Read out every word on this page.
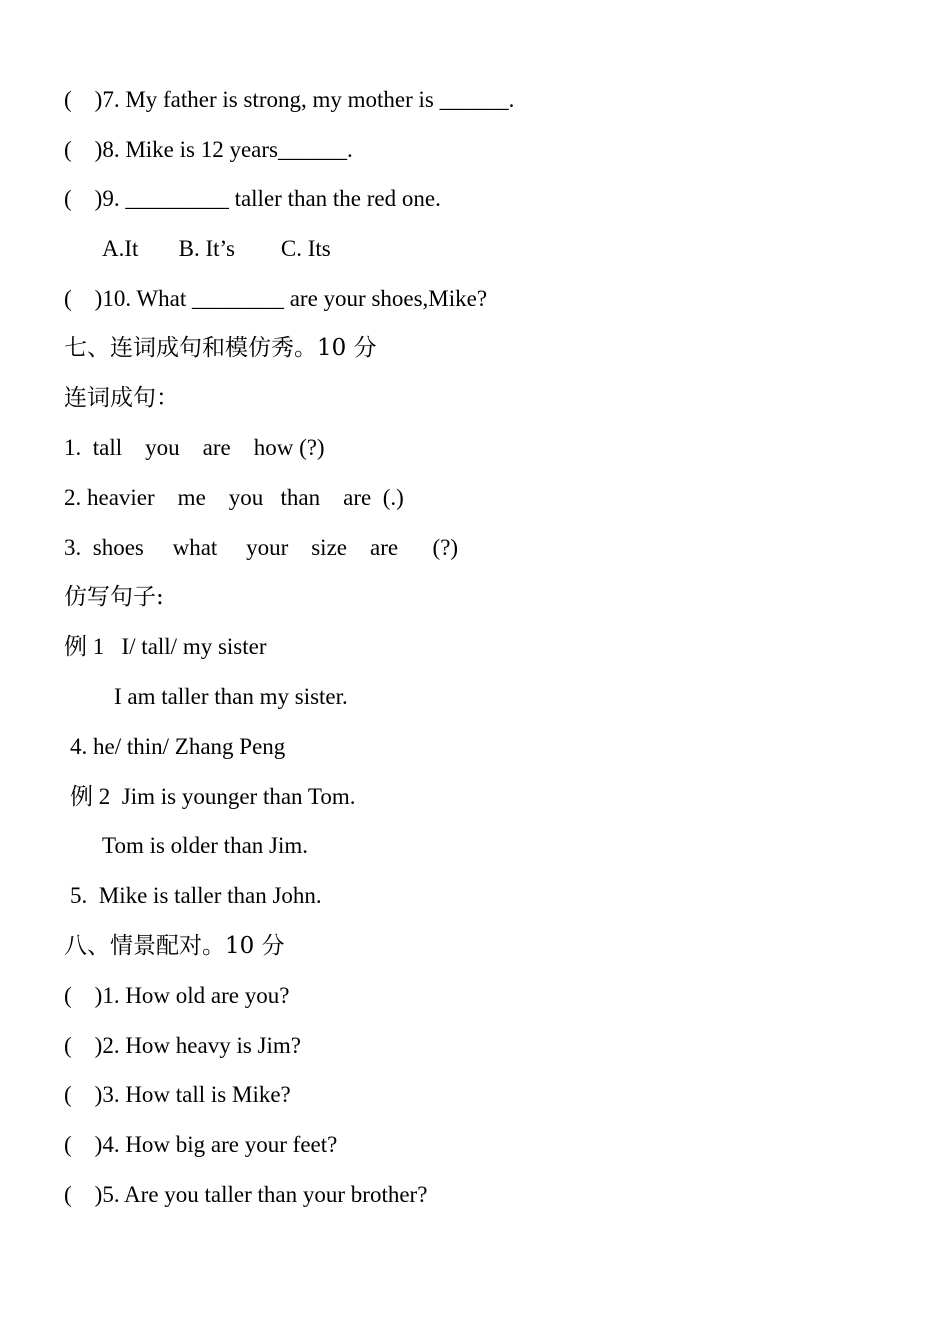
(    )7. My father is strong, my mother is ______.
(    )8. Mike is 12 years______.
(    )9. _________ taller than the red one.
A.It       B. It’s        C. Its
(    )10. What ________ are your shoes,Mike?
七、连词成句和模仿秀。10 分
连词成句：
1.  tall    you    are    how (?)
2. heavier    me    you   than    are  (.)
3.  shoes     what     your    size    are      (?)
仿写句子:
例 1   I/ tall/ my sister
I am taller than my sister.
4. he/ thin/ Zhang Peng
例 2  Jim is younger than Tom.
Tom is older than Jim.
5.  Mike is taller than John.
八、情景配对。10 分
(    )1. How old are you?
(    )2. How heavy is Jim?
(    )3. How tall is Mike?
(    )4. How big are your feet?
(    )5. Are you taller than your brother?
